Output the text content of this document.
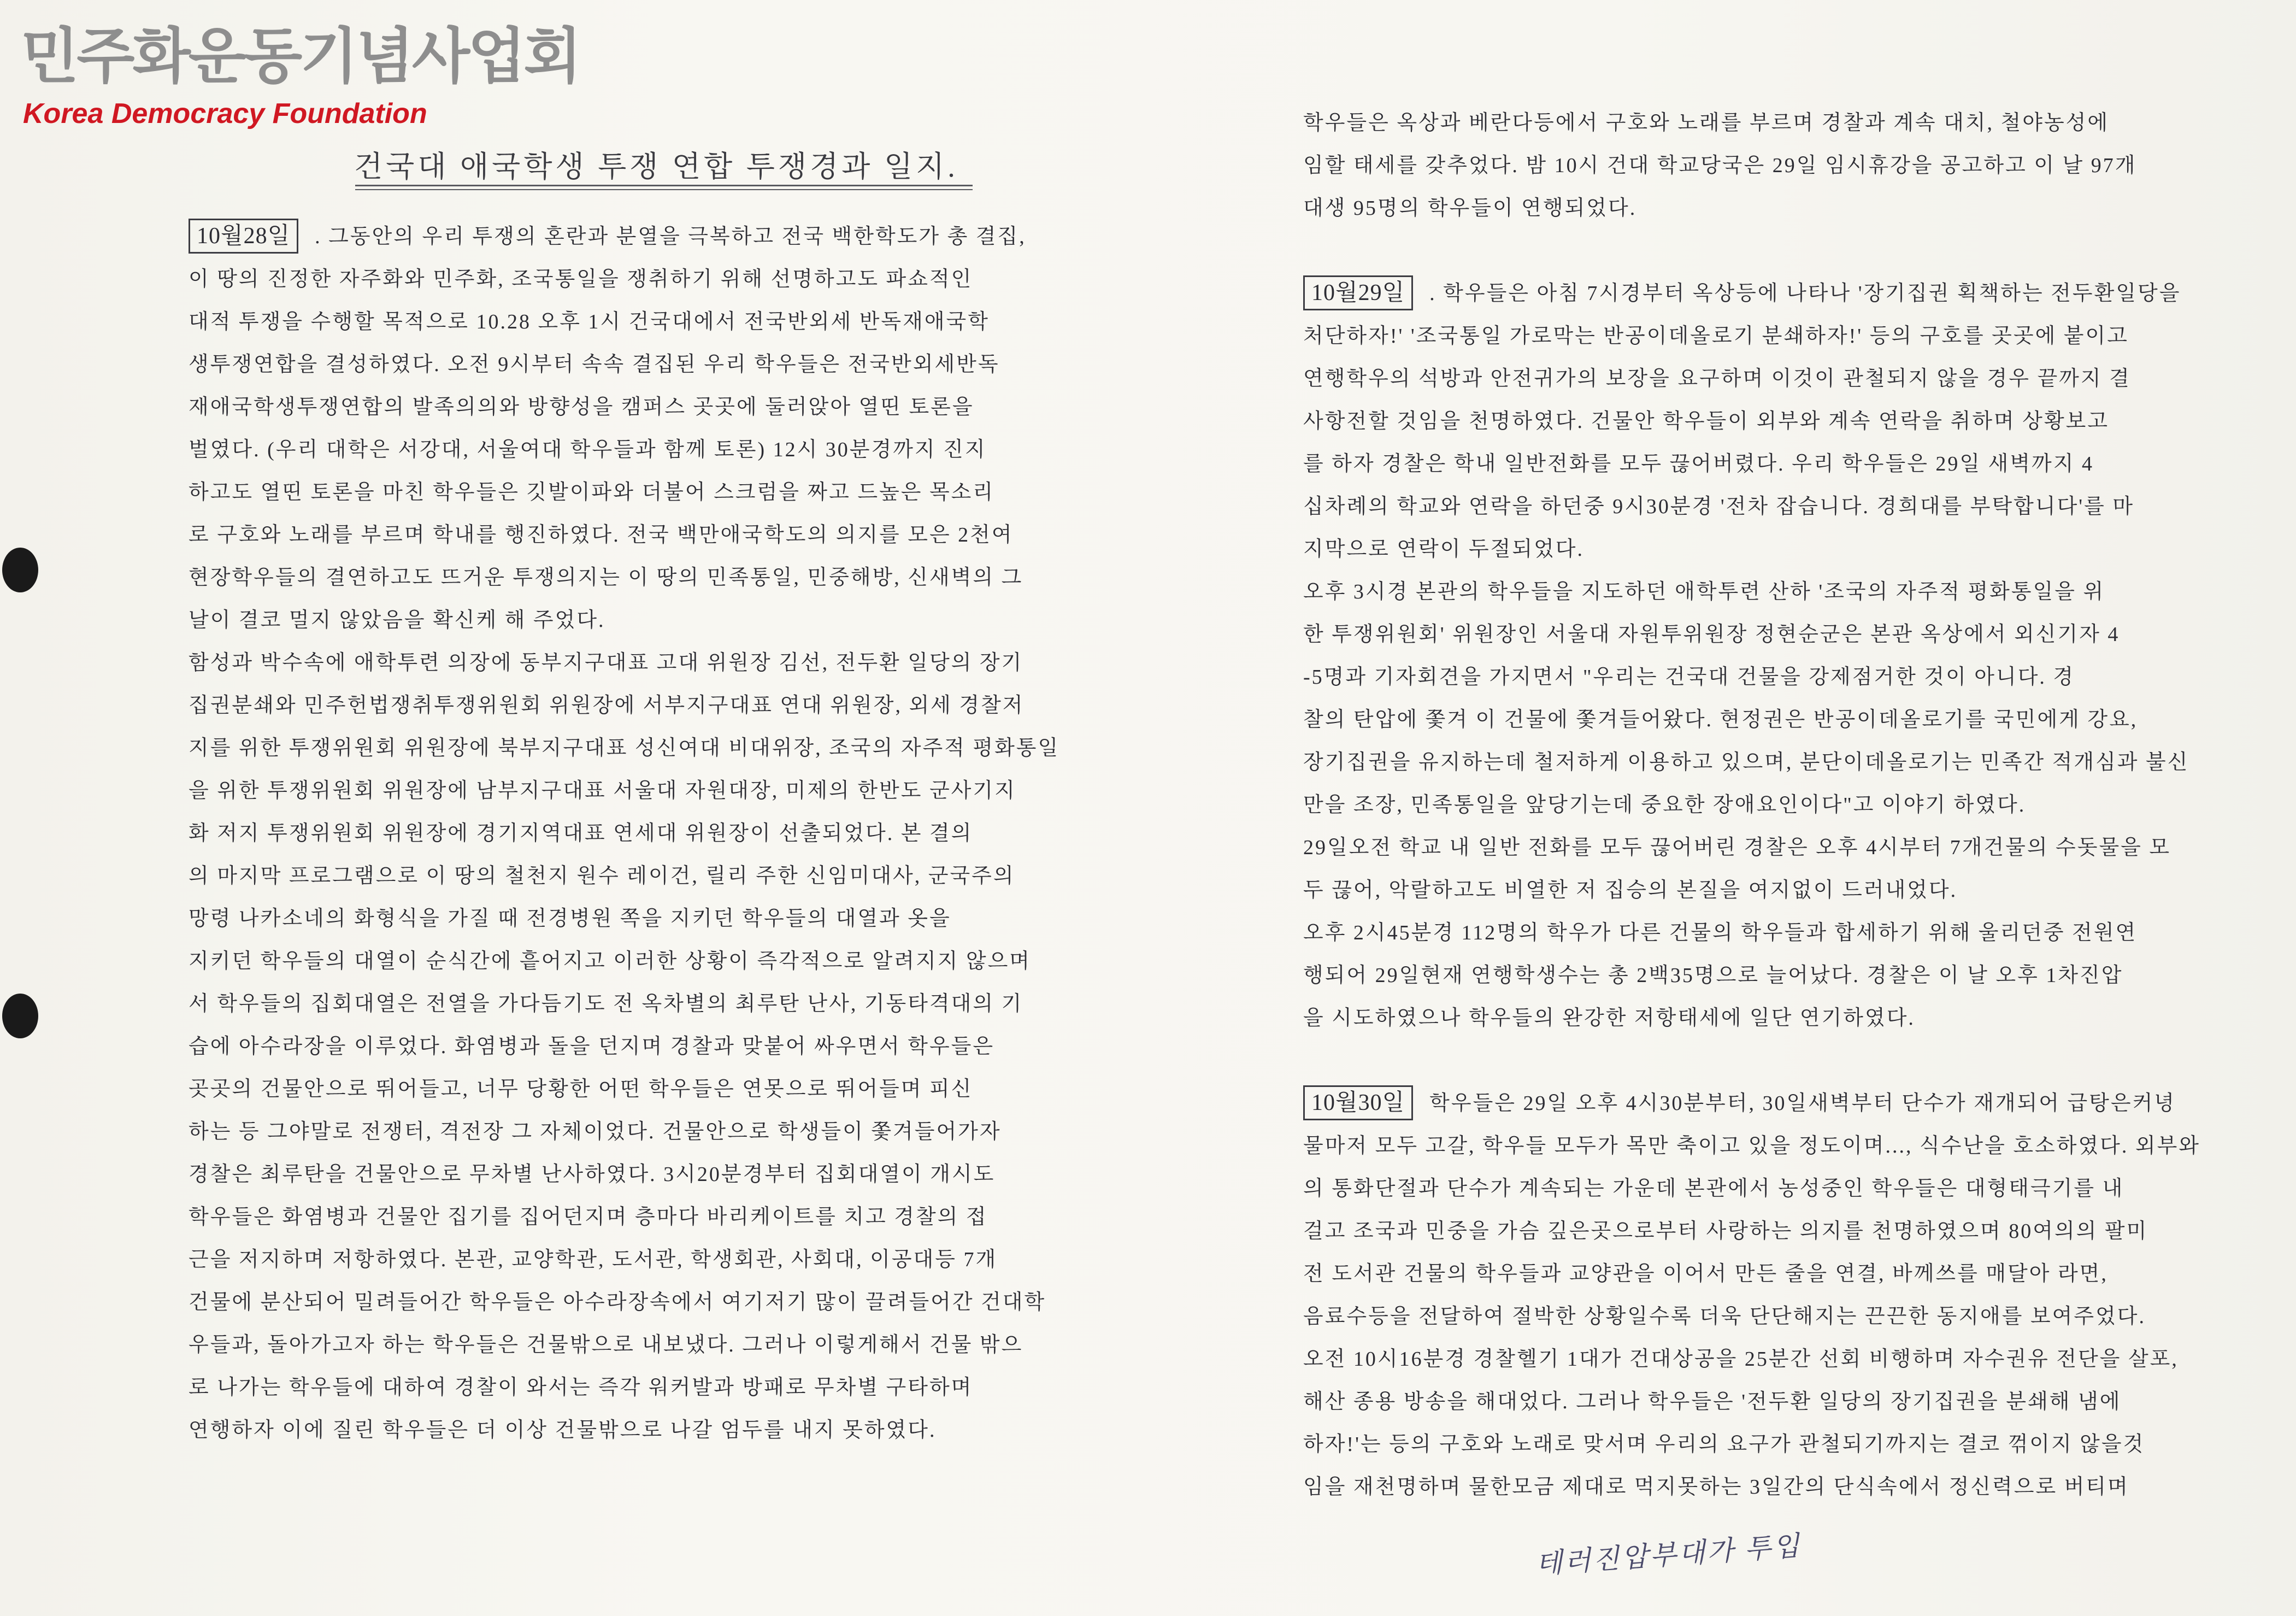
민주화운동기념사업회
Korea Democracy Foundation
건국대 애국학생 투쟁 연합 투쟁경과 일지.

10월28일 . 그동안의 우리 투쟁의 혼란과 분열을 극복하고 전국 백한학도가 총 결집,

이 땅의 진정한 자주화와 민주화, 조국통일을 쟁취하기 위해 선명하고도 파쇼적인

대적 투쟁을 수행할 목적으로 10.28 오후 1시 건국대에서 전국반외세 반독재애국학

생투쟁연합을 결성하였다. 오전 9시부터 속속 결집된 우리 학우들은 전국반외세반독

재애국학생투쟁연합의 발족의의와 방향성을 캠퍼스 곳곳에 둘러앉아 열띤 토론을

벌였다. (우리 대학은 서강대, 서울여대 학우들과 함께 토론) 12시 30분경까지 진지

하고도 열띤 토론을 마친 학우들은 깃발이파와 더불어 스크럼을 짜고 드높은 목소리

로 구호와 노래를 부르며 학내를 행진하였다. 전국 백만애국학도의 의지를 모은 2천여

현장학우들의 결연하고도 뜨거운 투쟁의지는 이 땅의 민족통일, 민중해방, 신새벽의 그

날이 결코 멀지 않았음을 확신케 해 주었다.

함성과 박수속에 애학투련 의장에 동부지구대표 고대 위원장 김선, 전두환 일당의 장기

집권분쇄와 민주헌법쟁취투쟁위원회 위원장에 서부지구대표 연대 위원장, 외세 경찰저

지를 위한 투쟁위원회 위원장에 북부지구대표 성신여대 비대위장, 조국의 자주적 평화통일

을 위한 투쟁위원회 위원장에 남부지구대표 서울대 자원대장, 미제의 한반도 군사기지

화 저지 투쟁위원회 위원장에 경기지역대표 연세대 위원장이 선출되었다. 본 결의

의 마지막 프로그램으로 이 땅의 철천지 원수 레이건, 릴리 주한 신임미대사, 군국주의

망령 나카소네의 화형식을 가질 때 전경병원 쪽을 지키던 학우들의 대열과 옷을

지키던 학우들의 대열이 순식간에 흩어지고 이러한 상황이 즉각적으로 알려지지 않으며

서 학우들의 집회대열은 전열을 가다듬기도 전 옥차별의 최루탄 난사, 기동타격대의 기

습에 아수라장을 이루었다. 화염병과 돌을 던지며 경찰과 맞붙어 싸우면서 학우들은

곳곳의 건물안으로 뛰어들고, 너무 당황한 어떤 학우들은 연못으로 뛰어들며 피신

하는 등 그야말로 전쟁터, 격전장 그 자체이었다. 건물안으로 학생들이 쫓겨들어가자

경찰은 최루탄을 건물안으로 무차별 난사하였다. 3시20분경부터 집회대열이 개시도

학우들은 화염병과 건물안 집기를 집어던지며 층마다 바리케이트를 치고 경찰의 접

근을 저지하며 저항하였다. 본관, 교양학관, 도서관, 학생회관, 사회대, 이공대등 7개

건물에 분산되어 밀려들어간 학우들은 아수라장속에서 여기저기 많이 끌려들어간 건대학

우들과, 돌아가고자 하는 학우들은 건물밖으로 내보냈다. 그러나 이렇게해서 건물 밖으

로 나가는 학우들에 대하여 경찰이 와서는 즉각 워커발과 방패로 무차별 구타하며

연행하자 이에 질린 학우들은 더 이상 건물밖으로 나갈 엄두를 내지 못하였다.

학우들은 옥상과 베란다등에서 구호와 노래를 부르며 경찰과 계속 대치, 철야농성에

임할 태세를 갖추었다. 밤 10시 건대 학교당국은 29일 임시휴강을 공고하고 이 날 97개

대생 95명의 학우들이 연행되었다.

10월29일 . 학우들은 아침 7시경부터 옥상등에 나타나 '장기집권 획책하는 전두환일당을

처단하자!' '조국통일 가로막는 반공이데올로기 분쇄하자!' 등의 구호를 곳곳에 붙이고

연행학우의 석방과 안전귀가의 보장을 요구하며 이것이 관철되지 않을 경우 끝까지 결

사항전할 것임을 천명하였다. 건물안 학우들이 외부와 계속 연락을 취하며 상황보고

를 하자 경찰은 학내 일반전화를 모두 끊어버렸다. 우리 학우들은 29일 새벽까지 4

십차례의 학교와 연락을 하던중 9시30분경 '전차 잡습니다. 경희대를 부탁합니다'를 마

지막으로 연락이 두절되었다.

오후 3시경 본관의 학우들을 지도하던 애학투련 산하 '조국의 자주적 평화통일을 위

한 투쟁위원회' 위원장인 서울대 자원투위원장 정현순군은 본관 옥상에서 외신기자 4

-5명과 기자회견을 가지면서 "우리는 건국대 건물을 강제점거한 것이 아니다. 경

찰의 탄압에 쫓겨 이 건물에 쫓겨들어왔다. 현정권은 반공이데올로기를 국민에게 강요,

장기집권을 유지하는데 철저하게 이용하고 있으며, 분단이데올로기는 민족간 적개심과 불신

만을 조장, 민족통일을 앞당기는데 중요한 장애요인이다"고 이야기 하였다.

29일오전 학교 내 일반 전화를 모두 끊어버린 경찰은 오후 4시부터 7개건물의 수돗물을 모

두 끊어, 악랄하고도 비열한 저 집승의 본질을 여지없이 드러내었다.

오후 2시45분경 112명의 학우가 다른 건물의 학우들과 합세하기 위해 울리던중 전원연

행되어 29일현재 연행학생수는 총 2백35명으로 늘어났다. 경찰은 이 날 오후 1차진압

을 시도하였으나 학우들의 완강한 저항태세에 일단 연기하였다.

10월30일 학우들은 29일 오후 4시30분부터, 30일새벽부터 단수가 재개되어 급탕은커녕

물마저 모두 고갈, 학우들 모두가 목만 축이고 있을 정도이며..., 식수난을 호소하였다. 외부와

의 통화단절과 단수가 계속되는 가운데 본관에서 농성중인 학우들은 대형태극기를 내

걸고 조국과 민중을 가슴 깊은곳으로부터 사랑하는 의지를 천명하였으며 80여의의 팔미

전 도서관 건물의 학우들과 교양관을 이어서 만든 줄을 연결, 바께쓰를 매달아 라면,

음료수등을 전달하여 절박한 상황일수록 더욱 단단해지는 끈끈한 동지애를 보여주었다.

오전 10시16분경 경찰헬기 1대가 건대상공을 25분간 선회 비행하며 자수권유 전단을 살포,

해산 종용 방송을 해대었다. 그러나 학우들은 '전두환 일당의 장기집권을 분쇄해 냄에

하자!'는 등의 구호와 노래로 맞서며 우리의 요구가 관철되기까지는 결코 꺾이지 않을것

임을 재천명하며 물한모금 제대로 먹지못하는 3일간의 단식속에서 정신력으로 버티며

테러진압부대가 투입
